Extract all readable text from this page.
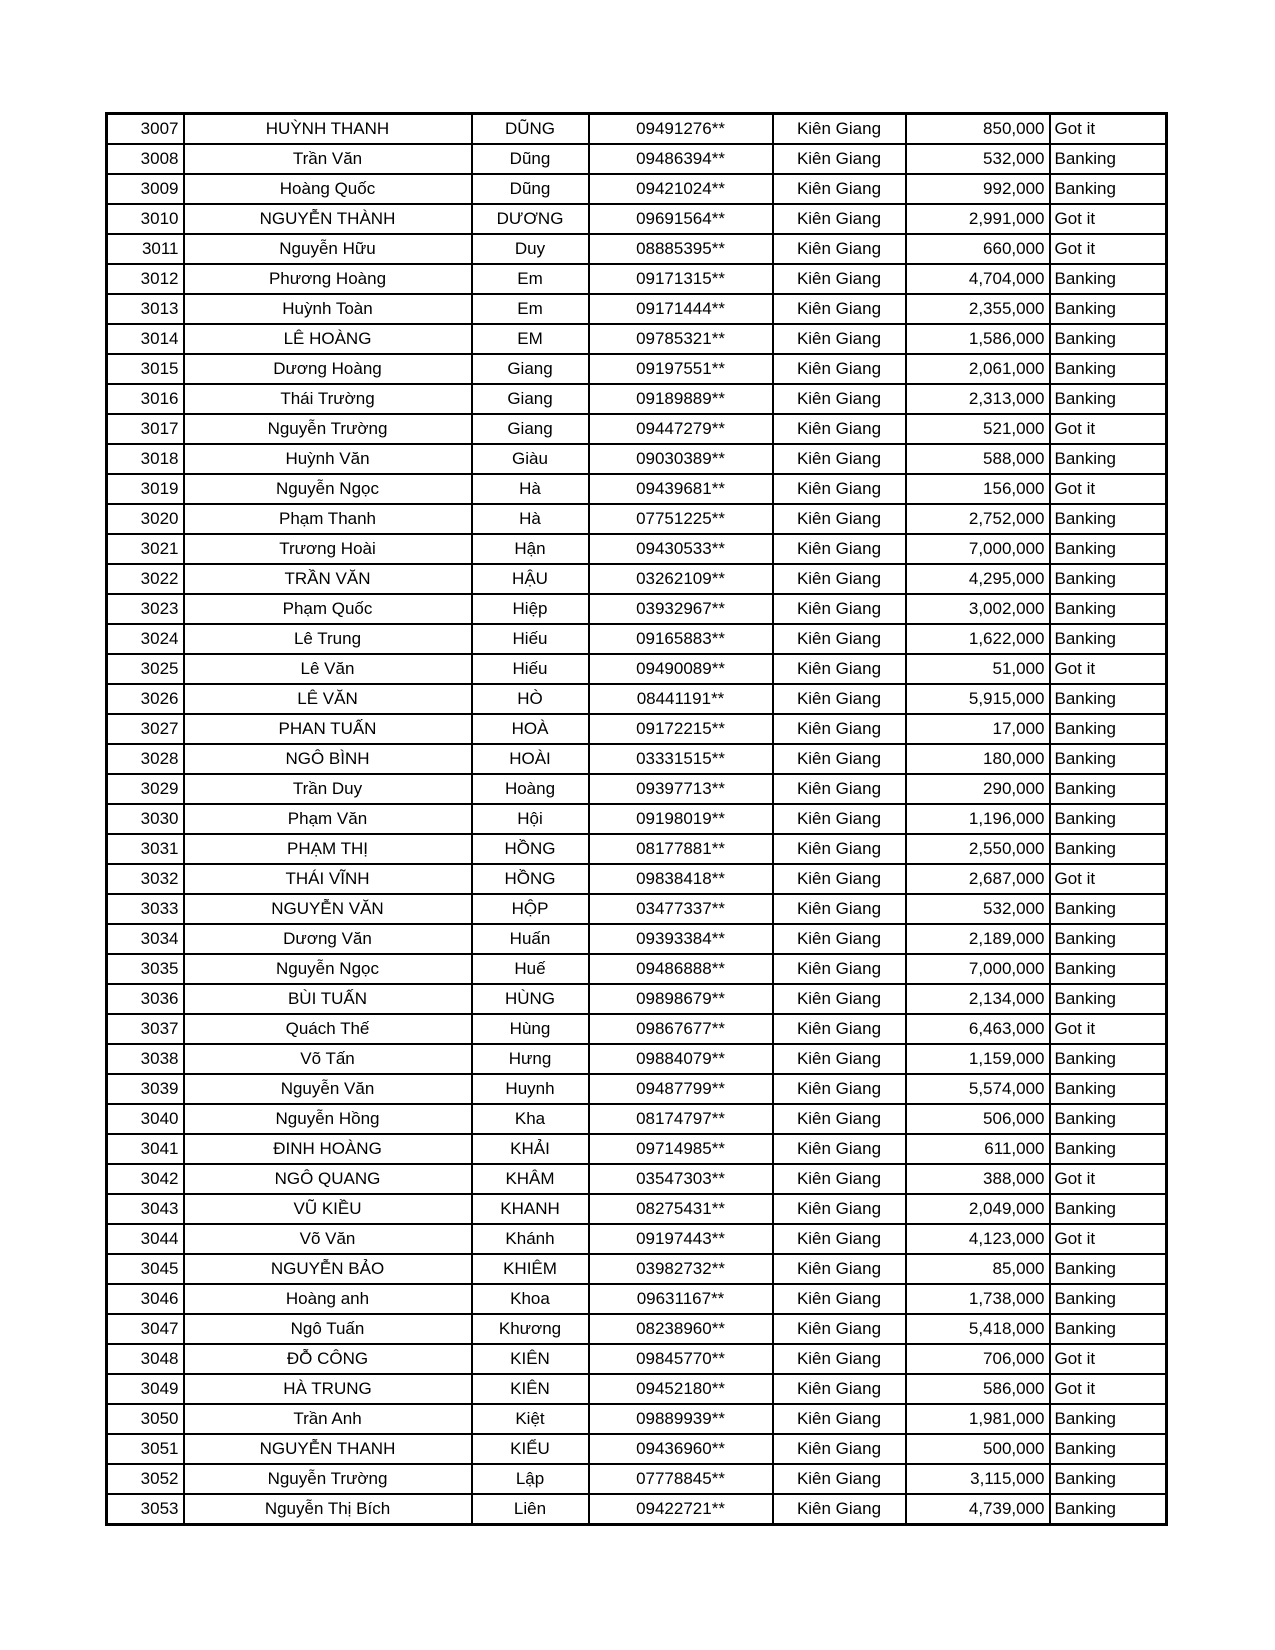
3007	HUỲNH THANH	DŨNG	09491276**	Kiên Giang	850,000	Got it
3008	Trần Văn	Dũng	09486394**	Kiên Giang	532,000	Banking
3009	Hoàng Quốc	Dũng	09421024**	Kiên Giang	992,000	Banking
3010	NGUYỄN THÀNH	DƯƠNG	09691564**	Kiên Giang	2,991,000	Got it
3011	Nguyễn Hữu	Duy	08885395**	Kiên Giang	660,000	Got it
3012	Phương Hoàng	Em	09171315**	Kiên Giang	4,704,000	Banking
3013	Huỳnh Toàn	Em	09171444**	Kiên Giang	2,355,000	Banking
3014	LÊ HOÀNG	EM	09785321**	Kiên Giang	1,586,000	Banking
3015	Dương Hoàng	Giang	09197551**	Kiên Giang	2,061,000	Banking
3016	Thái Trường	Giang	09189889**	Kiên Giang	2,313,000	Banking
3017	Nguyễn Trường	Giang	09447279**	Kiên Giang	521,000	Got it
3018	Huỳnh Văn	Giàu	09030389**	Kiên Giang	588,000	Banking
3019	Nguyễn Ngọc	Hà	09439681**	Kiên Giang	156,000	Got it
3020	Phạm Thanh	Hà	07751225**	Kiên Giang	2,752,000	Banking
3021	Trương Hoài	Hận	09430533**	Kiên Giang	7,000,000	Banking
3022	TRẦN VĂN	HẬU	03262109**	Kiên Giang	4,295,000	Banking
3023	Phạm Quốc	Hiệp	03932967**	Kiên Giang	3,002,000	Banking
3024	Lê Trung	Hiếu	09165883**	Kiên Giang	1,622,000	Banking
3025	Lê Văn	Hiếu	09490089**	Kiên Giang	51,000	Got it
3026	LÊ VĂN	HÒ	08441191**	Kiên Giang	5,915,000	Banking
3027	PHAN TUẤN	HOÀ	09172215**	Kiên Giang	17,000	Banking
3028	NGÔ BÌNH	HOÀI	03331515**	Kiên Giang	180,000	Banking
3029	Trần Duy	Hoàng	09397713**	Kiên Giang	290,000	Banking
3030	Phạm Văn	Hội	09198019**	Kiên Giang	1,196,000	Banking
3031	PHẠM THỊ	HỒNG	08177881**	Kiên Giang	2,550,000	Banking
3032	THÁI VĨNH	HỒNG	09838418**	Kiên Giang	2,687,000	Got it
3033	NGUYỄN VĂN	HỘP	03477337**	Kiên Giang	532,000	Banking
3034	Dương Văn	Huấn	09393384**	Kiên Giang	2,189,000	Banking
3035	Nguyễn Ngọc	Huế	09486888**	Kiên Giang	7,000,000	Banking
3036	BÙI TUẤN	HÙNG	09898679**	Kiên Giang	2,134,000	Banking
3037	Quách Thế	Hùng	09867677**	Kiên Giang	6,463,000	Got it
3038	Võ Tấn	Hưng	09884079**	Kiên Giang	1,159,000	Banking
3039	Nguyễn Văn	Huynh	09487799**	Kiên Giang	5,574,000	Banking
3040	Nguyễn Hồng	Kha	08174797**	Kiên Giang	506,000	Banking
3041	ĐINH HOÀNG	KHẢI	09714985**	Kiên Giang	611,000	Banking
3042	NGÔ QUANG	KHÂM	03547303**	Kiên Giang	388,000	Got it
3043	VŨ KIỀU	KHANH	08275431**	Kiên Giang	2,049,000	Banking
3044	Võ Văn	Khánh	09197443**	Kiên Giang	4,123,000	Got it
3045	NGUYỄN BẢO	KHIÊM	03982732**	Kiên Giang	85,000	Banking
3046	Hoàng anh	Khoa	09631167**	Kiên Giang	1,738,000	Banking
3047	Ngô Tuấn	Khương	08238960**	Kiên Giang	5,418,000	Banking
3048	ĐỖ CÔNG	KIÊN	09845770**	Kiên Giang	706,000	Got it
3049	HÀ TRUNG	KIÊN	09452180**	Kiên Giang	586,000	Got it
3050	Trần Anh	Kiệt	09889939**	Kiên Giang	1,981,000	Banking
3051	NGUYỄN THANH	KIỂU	09436960**	Kiên Giang	500,000	Banking
3052	Nguyễn Trường	Lập	07778845**	Kiên Giang	3,115,000	Banking
3053	Nguyễn Thị Bích	Liên	09422721**	Kiên Giang	4,739,000	Banking
